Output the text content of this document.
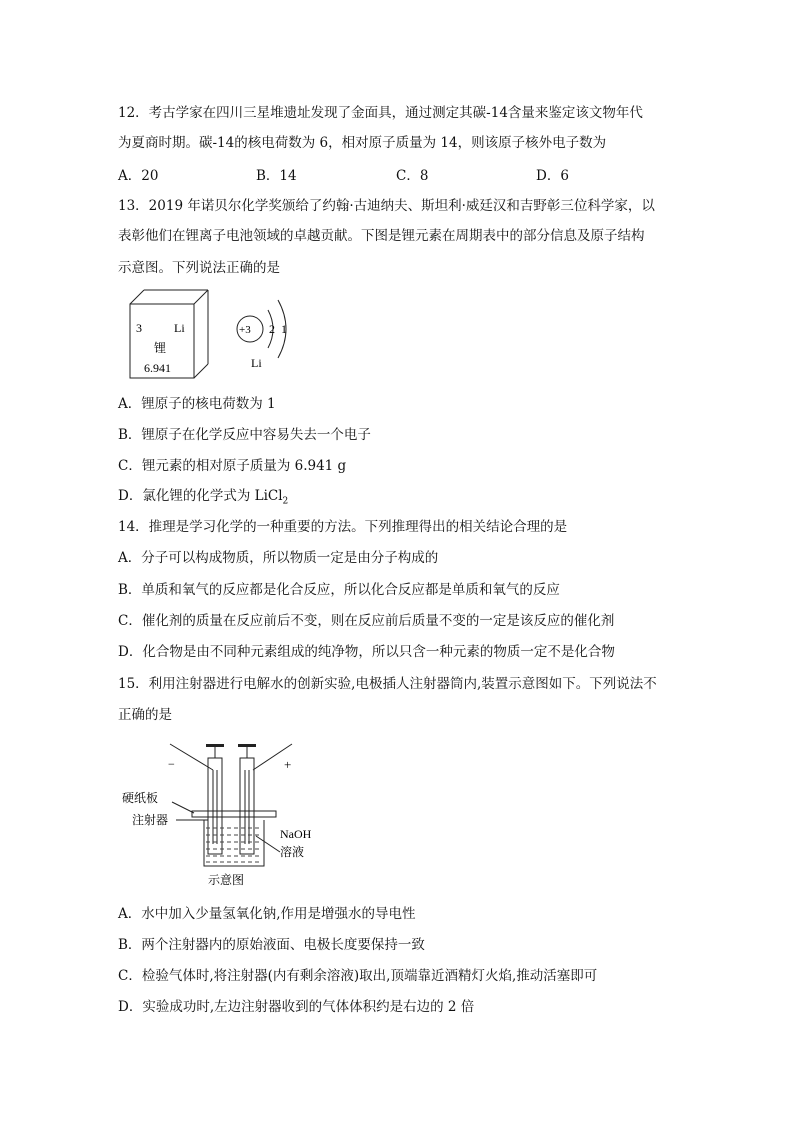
12．考古学家在四川三星堆遗址发现了金面具，通过测定其碳-14含量来鉴定该文物年代
为夏商时期。碳-14的核电荷数为 6，相对原子质量为 14，则该原子核外电子数为
A．20	B．14	C．8	D．6
13．2019 年诺贝尔化学奖颁给了约翰·古迪纳夫、斯坦利·威廷汉和吉野彰三位科学家，以
表彰他们在锂离子电池领域的卓越贡献。下图是锂元素在周期表中的部分信息及原子结构
示意图。下列说法正确的是
3	Li
锂
6.941
+3 2 1
Li
A．锂原子的核电荷数为 1
B．锂原子在化学反应中容易失去一个电子
C．锂元素的相对原子质量为 6.941 g
D．氯化锂的化学式为 LiCl$_2$
14．推理是学习化学的一种重要的方法。下列推理得出的相关结论合理的是
A．分子可以构成物质，所以物质一定是由分子构成的
B．单质和氧气的反应都是化合反应，所以化合反应都是单质和氧气的反应
C．催化剂的质量在反应前后不变，则在反应前后质量不变的一定是该反应的催化剂
D．化合物是由不同种元素组成的纯净物，所以只含一种元素的物质一定不是化合物
15．利用注射器进行电解水的创新实验,电极插人注射器筒内,装置示意图如下。下列说法不
正确的是
−	+
硬纸板
注射器
NaOH
溶液
示意图
A．水中加入少量氢氧化钠,作用是增强水的导电性
B．两个注射器内的原始液面、电极长度要保持一致
C．检验气体时,将注射器(内有剩余溶液)取出,顶端靠近酒精灯火焰,推动活塞即可
D．实验成功时,左边注射器收到的气体体积约是右边的 2 倍
